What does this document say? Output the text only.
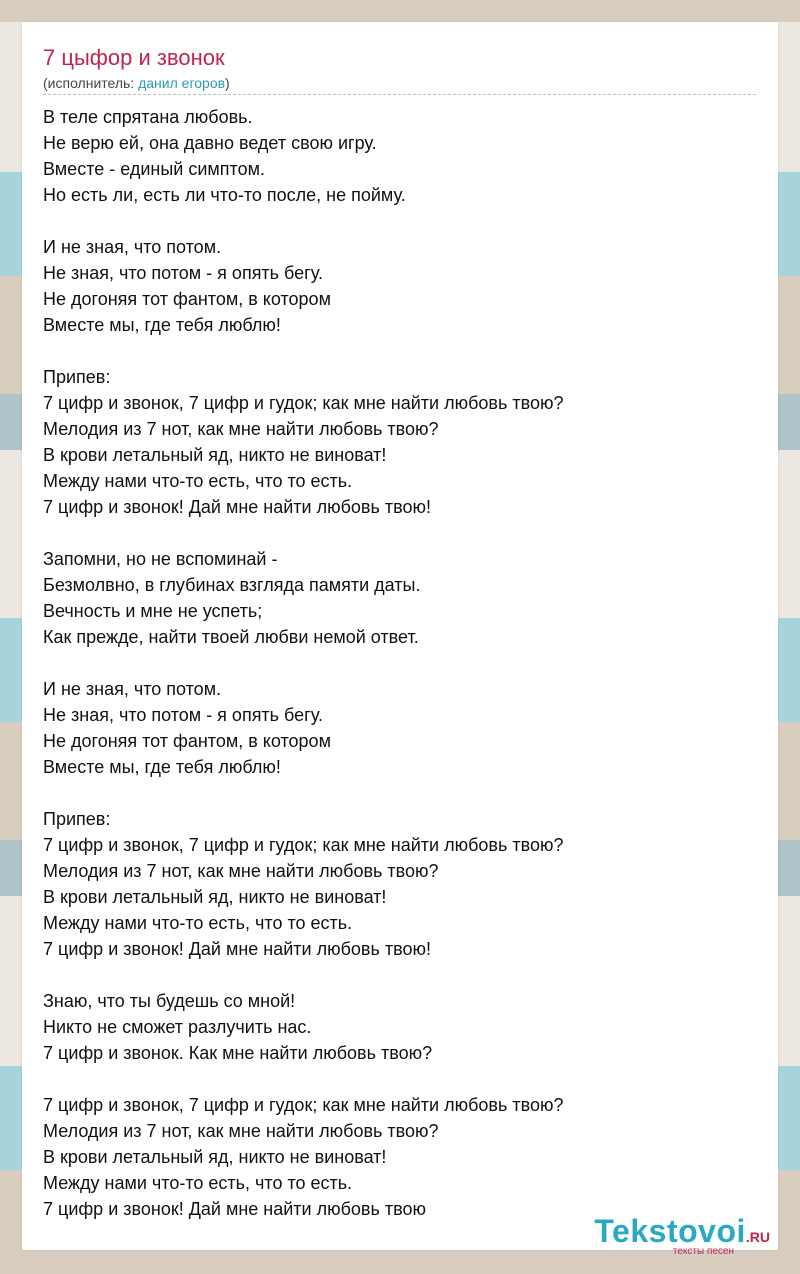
7 цыфор и звонок
(исполнитель: данил егоров)
В теле спрятана любовь.
Не верю ей, она давно ведет свою игру.
Вместе - единый симптом.
Но есть ли, есть ли что-то после, не пойму.
И не зная, что потом.
Не зная, что потом - я опять бегу.
Не догоняя тот фантом, в котором
Вместе мы, где тебя люблю!
Припев:
7 цифр и звонок, 7 цифр и гудок; как мне найти любовь твою?
Мелодия из 7 нот, как мне найти любовь твою?
В крови летальный яд, никто не виноват!
Между нами что-то есть, что то есть.
7 цифр и звонок! Дай мне найти любовь твою!
Запомни, но не вспоминай -
Безмолвно, в глубинах взгляда памяти даты.
Вечность и мне не успеть;
Как прежде, найти твоей любви немой ответ.
И не зная, что потом.
Не зная, что потом - я опять бегу.
Не догоняя тот фантом, в котором
Вместе мы, где тебя люблю!
Припев:
7 цифр и звонок, 7 цифр и гудок; как мне найти любовь твою?
Мелодия из 7 нот, как мне найти любовь твою?
В крови летальный яд, никто не виноват!
Между нами что-то есть, что то есть.
7 цифр и звонок! Дай мне найти любовь твою!
Знаю, что ты будешь со мной!
Никто не сможет разлучить нас.
7 цифр и звонок. Как мне найти любовь твою?
7 цифр и звонок, 7 цифр и гудок; как мне найти любовь твою?
Мелодия из 7 нот, как мне найти любовь твою?
В крови летальный яд, никто не виноват!
Между нами что-то есть, что то есть.
7 цифр и звонок! Дай мне найти любовь твою
Tekstovoi.RU
тексты песен
